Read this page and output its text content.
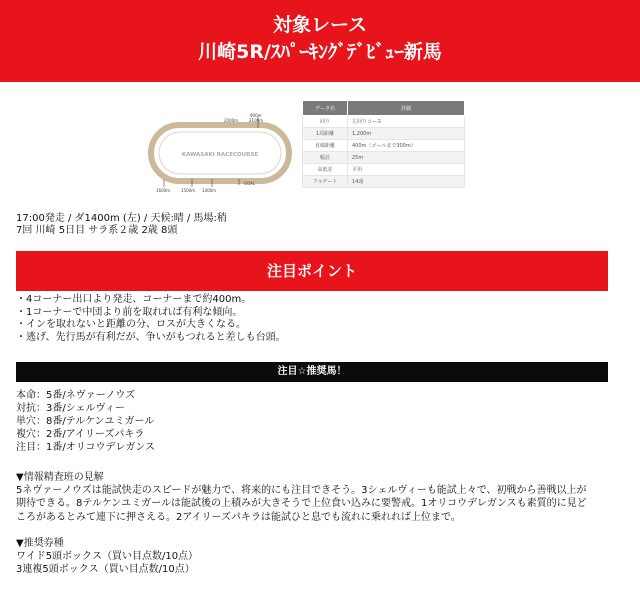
対象レース
川崎5R/ｽﾊﾟｰｷﾝｸﾞﾃﾞﾋﾞｭｰ新馬
KAWASAKI RACECOURSE
900m
2100m
2000m
1600m	1500m 1400m
GOAL
データ名	詳細
回り	左回りコース
1周距離	1,200m
直線距離	400m（ゴールまで300m）
幅員	25m
高低差	平坦
フルゲート	14頭
17:00発走 / ダ1400m (左) / 天候:晴 / 馬場:稍
7回 川崎 5日目 サラ系２歳 2歳 8頭
注目ポイント
・4コーナー出口より発走、コーナーまで約400m。
・1コーナーで中団より前を取れれば有利な傾向。
・インを取れないと距離の分、ロスが大きくなる。
・逃げ、先行馬が有利だが、争いがもつれると差しも台頭。
注目☆推奨馬！
本命：5番/ネヴァーノウズ
対抗：3番/シェルヴィー
単穴：8番/テルケンユミガール
複穴：2番/アイリーズパキラ
注目：1番/オリコウデレガンス
▼情報精査班の見解
5ネヴァーノウズは能試快走のスピードが魅力で、将来的にも注目できそう。3シェルヴィーも能試上々で、初戦から善戦以上が
期待できる。8テルケンユミガールは能試後の上積みが大きそうで上位食い込みに要警戒。1オリコウデレガンスも素質的に見ど
ころがあるとみて連下に押さえる。2アイリーズパキラは能試ひと息でも流れに乗れれば上位まで。
▼推奨券種
ワイド5頭ボックス（買い目点数/10点）
3連複5頭ボックス（買い目点数/10点）
